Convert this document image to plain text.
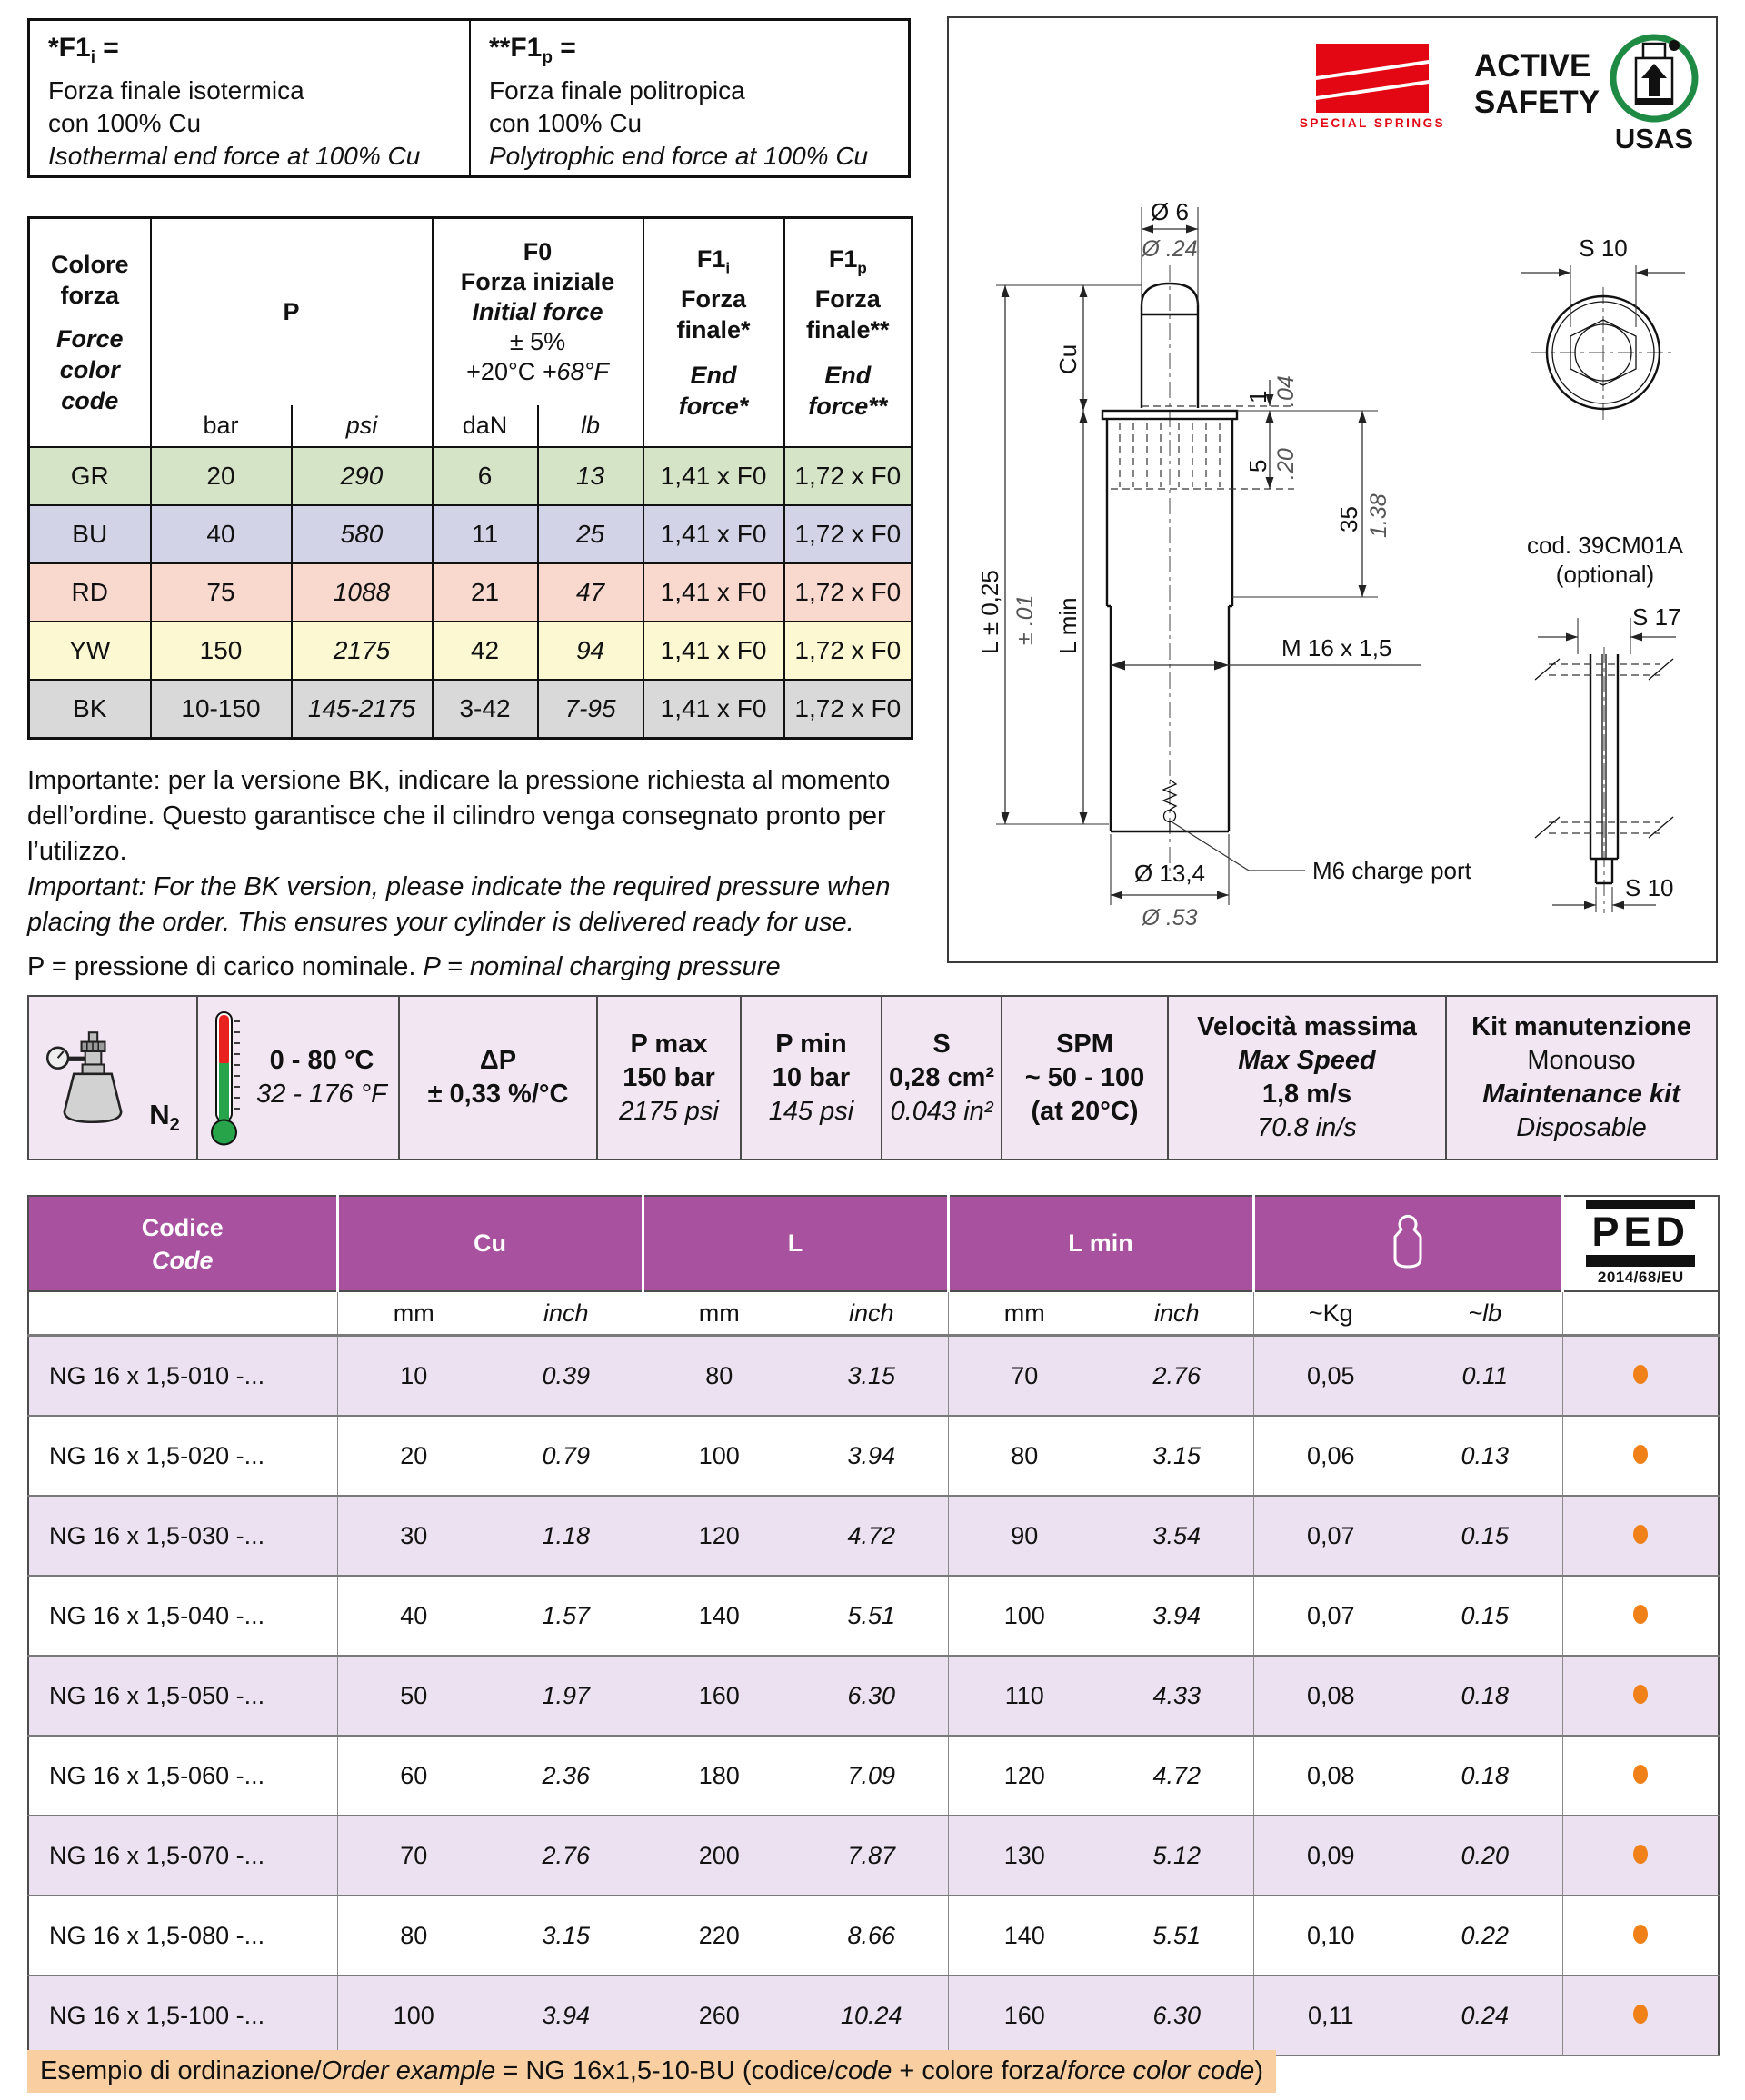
$*F1_i$ =
Forza finale isotermica
con 100% Cu
Isothermal end force at 100% Cu
$**F1_p$ =
Forza finale politropica
con 100% Cu
Polytrophic end force at 100% Cu
Colore forza
Force color code
	P	
F0
Forza iniziale
Initial force
± 5%
+20°C +68°F

$F1_i$
Forza
finale*
End
force*

$F1_p$
Forza
finale**
End
force**

	bar	psi	daN	lb		
GR	20	290	6	13	1,41 x F0	1,72 x F0
BU	40	580	11	25	1,41 x F0	1,72 x F0
RD	75	1088	21	47	1,41 x F0	1,72 x F0
YW	150	2175	42	94	1,41 x F0	1,72 x F0
BK	10-150	145-2175	3-42	7-95	1,41 x F0	1,72 x F0

Importante: per la versione BK, indicare la pressione richiesta al momento dell’ordine. Questo garantisce che il cilindro venga consegnato pronto per l’utilizzo.

Important: For the BK version, please indicate the required pressure when placing the order. This ensures your cylinder is delivered ready for use.

P = pressione di carico nominale. P = nominal charging pressure

SPECIAL SPRINGS
ACTIVE
SAFETY
USAS
M6 charge port
Ø 6
Ø .24
Cu
L ± 0,25 ± .01 L min
1 .04
5 .20
35 1.38
M 16 x 1,5
Ø 13,4
Ø .53
S 10
cod. 39CM01A
(optional)
S 17
S 10
$N_2$
0 - 80 °C
32 - 176 °F
ΔP
± 0,33 %/°C
P max
150 bar
2175 psi
P min
10 bar
145 psi
S
0,28 cm²
0.043 in²
SPM
~ 50 - 100
(at 20°C)
Velocità massima
Max Speed
1,8 m/s
70.8 in/s
Kit manutenzione
Monouso
Maintenance kit
Disposable
Codice
Code
	Cu	L	L min		PED
2014/68/EU

	mm	inch	mm	inch	mm	inch	~Kg	~lb	
NG 16 x 1,5-010 -...	10	0.39	80	3.15	70	2.76	0,05	0.11	
NG 16 x 1,5-020 -...	20	0.79	100	3.94	80	3.15	0,06	0.13	
NG 16 x 1,5-030 -...	30	1.18	120	4.72	90	3.54	0,07	0.15	
NG 16 x 1,5-040 -...	40	1.57	140	5.51	100	3.94	0,07	0.15	
NG 16 x 1,5-050 -...	50	1.97	160	6.30	110	4.33	0,08	0.18	
NG 16 x 1,5-060 -...	60	2.36	180	7.09	120	4.72	0,08	0.18	
NG 16 x 1,5-070 -...	70	2.76	200	7.87	130	5.12	0,09	0.20	
NG 16 x 1,5-080 -...	80	3.15	220	8.66	140	5.51	0,10	0.22	
NG 16 x 1,5-100 -...	100	3.94	260	10.24	160	6.30	0,11	0.24	
Esempio di ordinazione/Order example = NG 16x1,5-10-BU (codice/code + colore forza/force color code)
